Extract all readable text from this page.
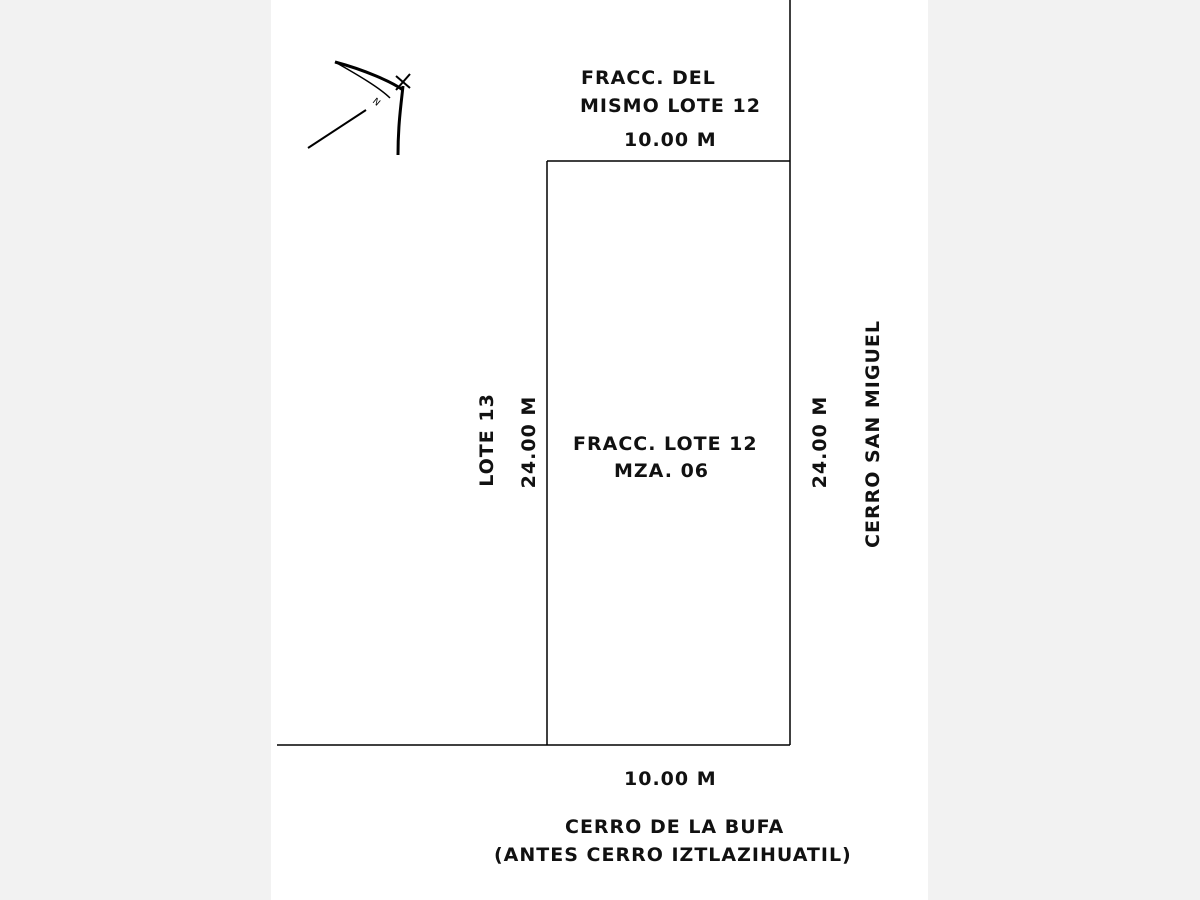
N
FRACC. DEL
MISMO LOTE 12
10.00 M
FRACC. LOTE 12
MZA. 06
LOTE 13 24.00 M	24.00 M CERRO SAN MIGUEL
10.00 M
CERRO DE LA BUFA
(ANTES CERRO IZTLAZIHUATIL)
